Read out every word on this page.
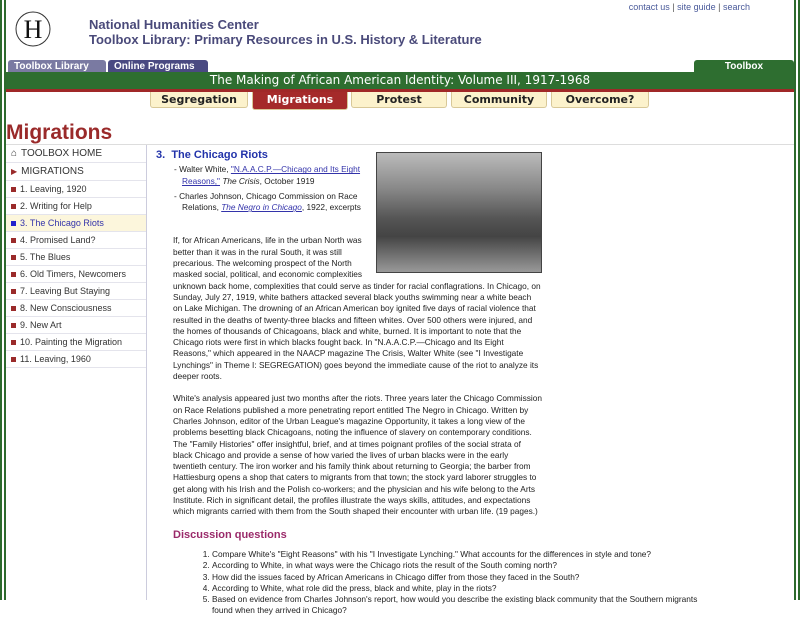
H	National Humanities Center
Toolbox Library: Primary Resources in U.S. History & Literature
contact us | site guide | search
Toolbox Library	Online Programs	Toolbox
The Making of African American Identity: Volume III, 1917-1968
Segregation	Migrations	Protest	Community	Overcome?
Migrations
⌂ TOOLBOX HOME
▶ MIGRATIONS
1. Leaving, 1920
2. Writing for Help
3. The Chicago Riots
4. Promised Land?
5. The Blues
6. Old Timers, Newcomers
7. Leaving But Staying
8. New Consciousness
9. New Art
10. Painting the Migration
11. Leaving, 1960
3. The Chicago Riots
- Walter White, "N.A.A.C.P.—Chicago and Its Eight Reasons," The Crisis, October 1919
- Charles Johnson, Chicago Commission on Race Relations, The Negro in Chicago, 1922, excerpts

If, for African Americans, life in the urban North was better than it was in the rural South, it was still precarious. The welcoming prospect of the North masked social, political, and economic complexities unknown back home, complexities that could serve as tinder for racial conflagrations. In Chicago, on Sunday, July 27, 1919, white bathers attacked several black youths swimming near a white beach on Lake Michigan. The drowning of an African American boy ignited five days of racial violence that resulted in the deaths of twenty-three blacks and fifteen whites. Over 500 others were injured, and the homes of thousands of Chicagoans, black and white, burned. It is important to note that the Chicago riots were first in which blacks fought back. In "N.A.A.C.P.—Chicago and Its Eight Reasons," which appeared in the NAACP magazine The Crisis, Walter White (see "I Investigate Lynchings" in Theme I: SEGREGATION) goes beyond the immediate cause of the riot to analyze its deeper roots.

White's analysis appeared just two months after the riots. Three years later the Chicago Commission on Race Relations published a more penetrating report entitled The Negro in Chicago. Written by Charles Johnson, editor of the Urban League's magazine Opportunity, it takes a long view of the problems besetting black Chicagoans, noting the influence of slavery on contemporary conditions. The "Family Histories" offer insightful, brief, and at times poignant profiles of the social strata of black Chicago and provide a sense of how varied the lives of urban blacks were in the early twentieth century. The iron worker and his family think about returning to Georgia; the barber from Hattiesburg opens a shop that caters to migrants from that town; the stock yard laborer struggles to get along with his Irish and the Polish co-workers; and the physician and his wife belong to the Arts Institute. Rich in significant detail, the profiles illustrate the ways skills, attitudes, and expectations which migrants carried with them from the South shaped their encounter with urban life. (19 pages.)

Discussion questions
1. Compare White's "Eight Reasons" with his "I Investigate Lynching." What accounts for the differences in style and tone?
2. According to White, in what ways were the Chicago riots the result of the South coming north?
3. How did the issues faced by African Americans in Chicago differ from those they faced in the South?
4. According to White, what role did the press, black and white, play in the riots?
5. Based on evidence from Charles Johnson's report, how would you describe the existing black community that the Southern migrants found when they arrived in Chicago?
